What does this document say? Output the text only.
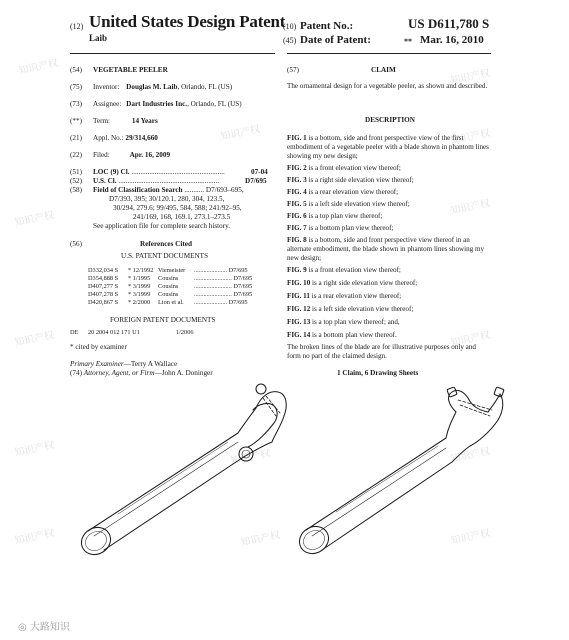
知识产权
知识产权
知识产权	知识产权
知识产权
知识产权
知识产权	知识产权
知识产权	知识产权	知识产权
知识产权	知识产权	知识产权
(12) United States Design Patent
Laib
(10) Patent No.:	US D611,780 S
(45) Date of Patent:	** Mar. 16, 2010
(54) VEGETABLE PEELER
(75) Inventor: Douglas M. Laib, Orlando, FL (US)
(73) Assignee: Dart Industries Inc., Orlando, FL (US)
(**) Term:	14 Years
(21) Appl. No.: 29/314,660
(22) Filed:	Apr. 16, 2009
(51) LOC (9) Cl. ....................................................	07-04
(52) U.S. Cl. ........................................................	D7/695
(58) Field of Classification Search ........... D7/693–695,
D7/393, 395; 30/120.1, 280, 304, 123.5,
30/294, 279.6; 99/495, 584, 588; 241/92–95,
241/169, 168, 169.1, 273.1–273.5
See application file for complete search history.
(56)	References Cited
U.S. PATENT DOCUMENTS
D332,034 S * 12/1992 Viemeister ..................... D7/695
D354,888 S * 1/1995 Cousins ........................ D7/695
D407,277 S * 3/1999 Cousins ........................ D7/695
D407,278 S * 3/1999 Cousins ........................ D7/695
D420,867 S * 2/2000 Lion et al. ..................... D7/695
FOREIGN PATENT DOCUMENTS
DE 20 2004 012 171 U1	1/2006
* cited by examiner
Primary Examiner—Terry A Wallace
(74) Attorney, Agent, or Firm—John A. Doninger
(57)	CLAIM
The ornamental design for a vegetable peeler, as shown and described.
DESCRIPTION
FIG. 1 is a bottom, side and front perspective view of the first embodiment of a vegetable peeler with a blade shown in phantom lines showing my new design;
FIG. 2 is a front elevation view thereof;
FIG. 3 is a right side elevation view thereof;
FIG. 4 is a rear elevation view thereof;
FIG. 5 is a left side elevation view thereof;
FIG. 6 is a top plan view thereof;
FIG. 7 is a bottom plan view thereof;
FIG. 8 is a bottom, side and front perspective view thereof in an alternate embodiment, the blade shown in phantom lines showing my new design;
FIG. 9 is a front elevation view thereof;
FIG. 10 is a right side elevation view thereof;
FIG. 11 is a rear elevation view thereof;
FIG. 12 is a left side elevation view thereof;
FIG. 13 is a top plan view thereof; and,
FIG. 14 is a bottom plan view thereof.
The broken lines of the blade are for illustrative purposes only and form no part of the claimed design.
1 Claim, 6 Drawing Sheets
◎ 大路知识
